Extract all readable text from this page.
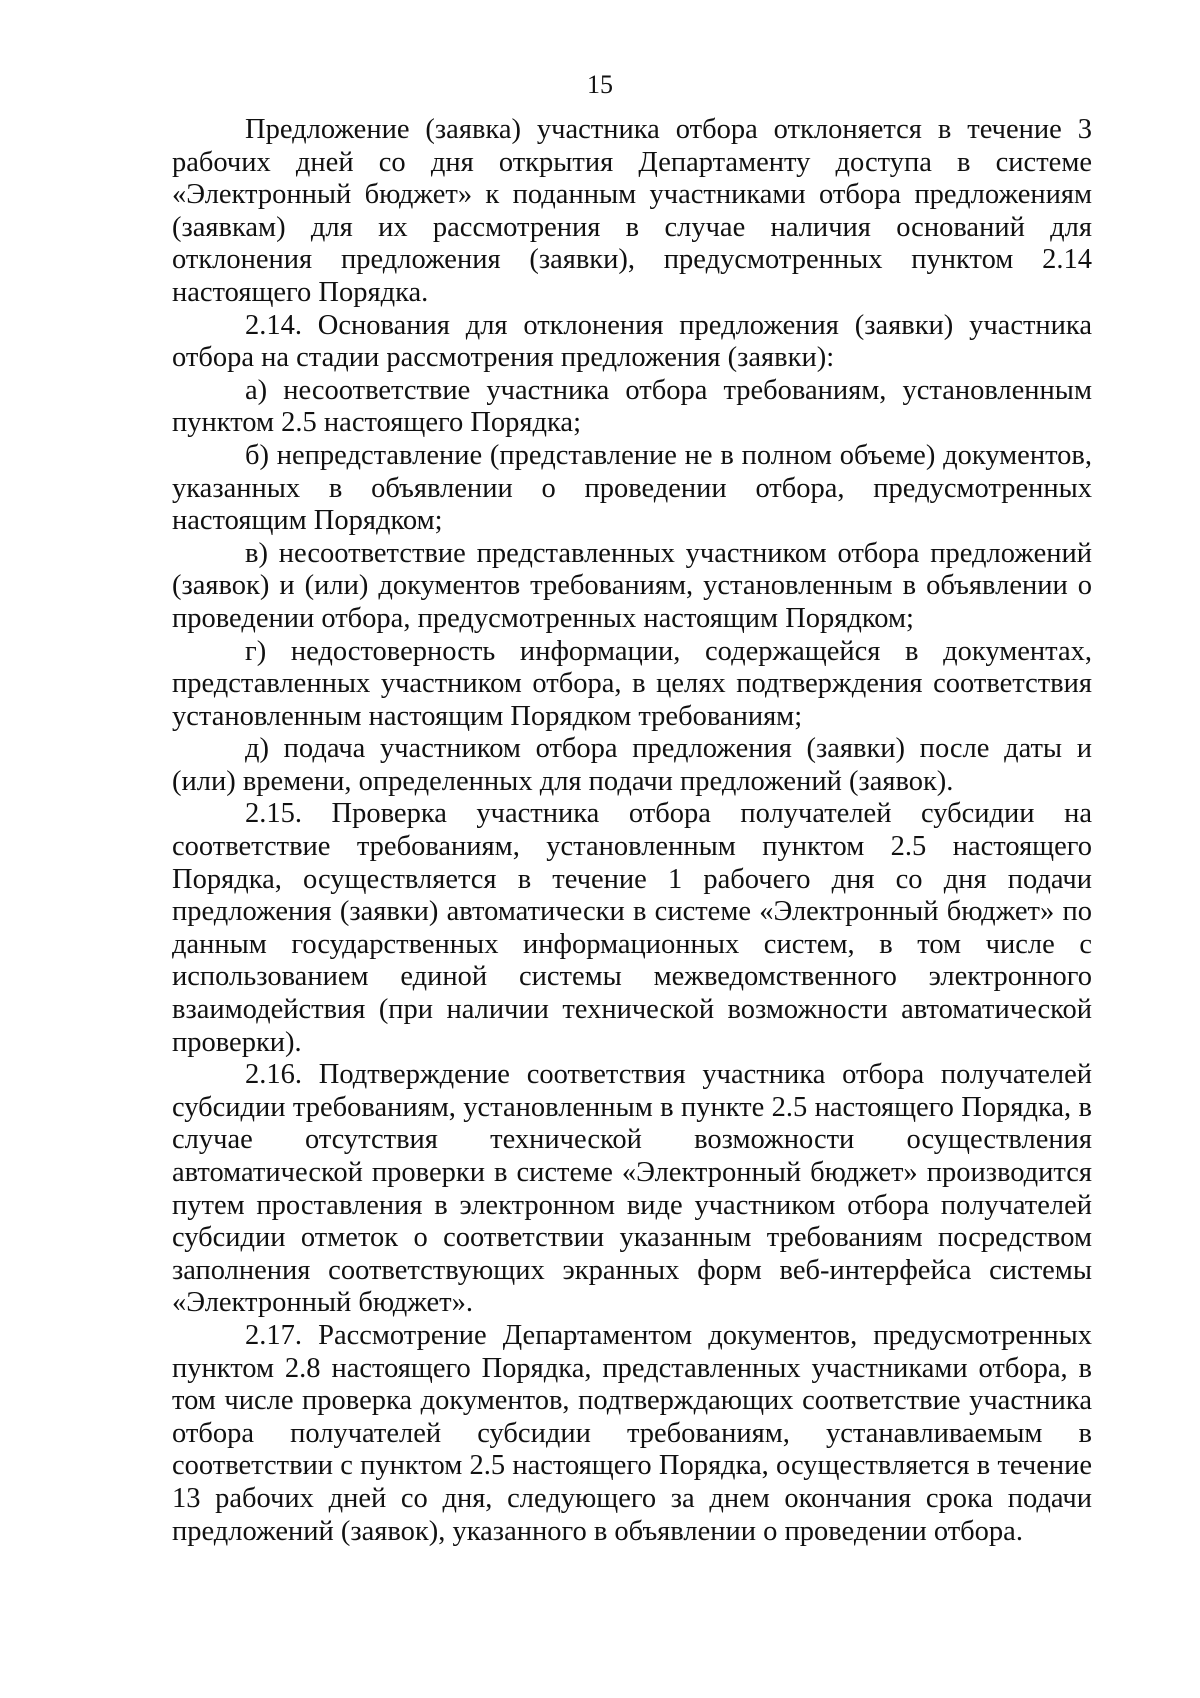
15

Предложение (заявка) участника отбора отклоняется в течение 3 рабочих дней со дня открытия Департаменту доступа в системе «Электронный бюджет» к поданным участниками отбора предложениям (заявкам) для их рассмотрения в случае наличия оснований для отклонения предложения (заявки), предусмотренных пунктом 2.14 настоящего Порядка.

2.14. Основания для отклонения предложения (заявки) участника отбора на стадии рассмотрения предложения (заявки):

а) несоответствие участника отбора требованиям, установленным пунктом 2.5 настоящего Порядка;

б) непредставление (представление не в полном объеме) документов, указанных в объявлении о проведении отбора, предусмотренных настоящим Порядком;

в) несоответствие представленных участником отбора предложений (заявок) и (или) документов требованиям, установленным в объявлении о проведении отбора, предусмотренных настоящим Порядком;

г) недостоверность информации, содержащейся в документах, представленных участником отбора, в целях подтверждения соответствия установленным настоящим Порядком требованиям;

д) подача участником отбора предложения (заявки) после даты и (или) времени, определенных для подачи предложений (заявок).

2.15. Проверка участника отбора получателей субсидии на соответствие требованиям, установленным пунктом 2.5 настоящего Порядка, осуществляется в течение 1 рабочего дня со дня подачи предложения (заявки) автоматически в системе «Электронный бюджет» по данным государственных информационных систем, в том числе с использованием единой системы межведомственного электронного взаимодействия (при наличии технической возможности автоматической проверки).

2.16. Подтверждение соответствия участника отбора получателей субсидии требованиям, установленным в пункте 2.5 настоящего Порядка, в случае отсутствия технической возможности осуществления автоматической проверки в системе «Электронный бюджет» производится путем проставления в электронном виде участником отбора получателей субсидии отметок о соответствии указанным требованиям посредством заполнения соответствующих экранных форм веб-интерфейса системы «Электронный бюджет».

2.17. Рассмотрение Департаментом документов, предусмотренных пунктом 2.8 настоящего Порядка, представленных участниками отбора, в том числе проверка документов, подтверждающих соответствие участника отбора получателей субсидии требованиям, устанавливаемым в соответствии с пунктом 2.5 настоящего Порядка, осуществляется в течение 13 рабочих дней со дня, следующего за днем окончания срока подачи предложений (заявок), указанного в объявлении о проведении отбора.
